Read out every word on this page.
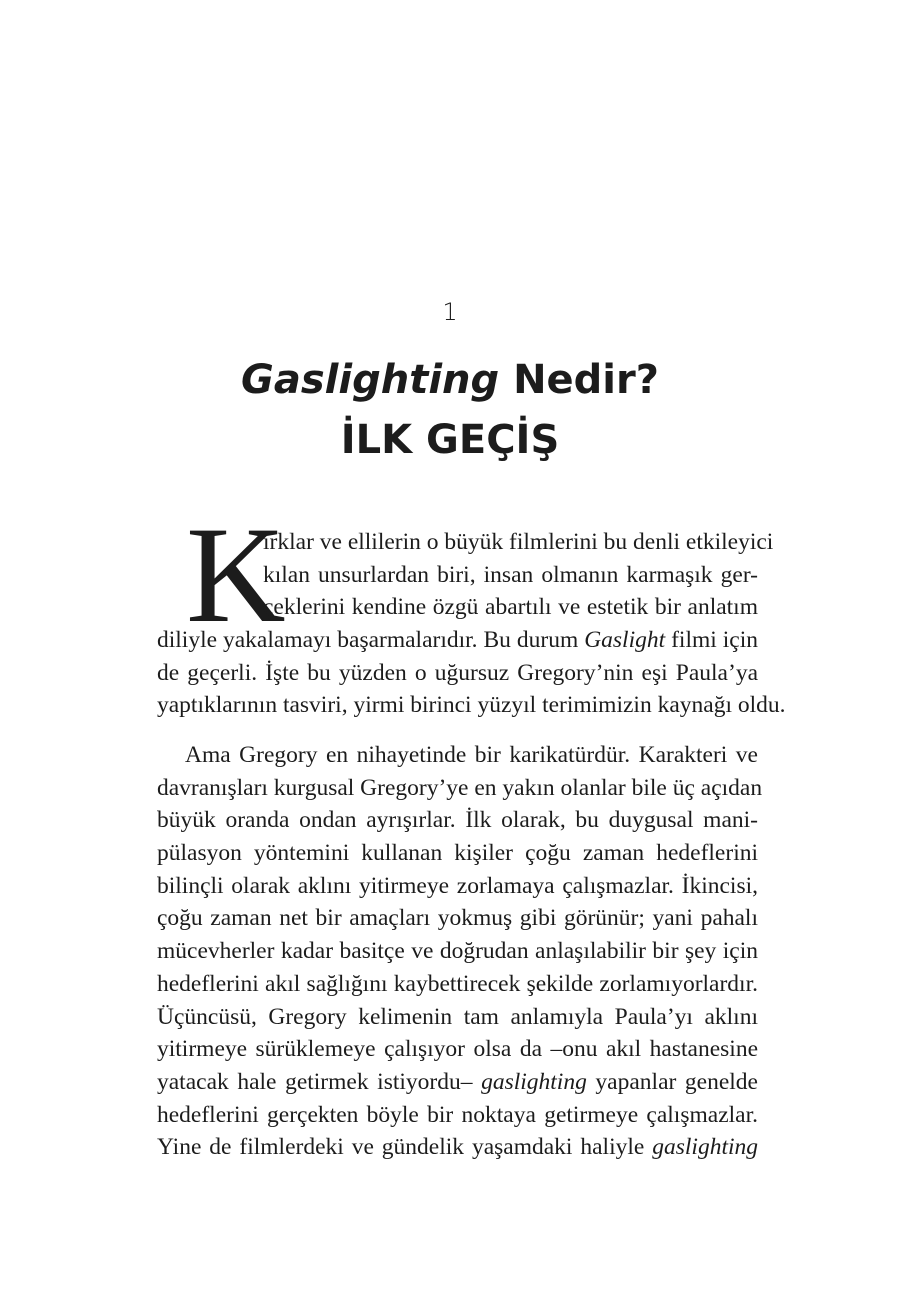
1
Gaslighting Nedir?
İLK GEÇİŞ
K
ırklar ve ellilerin o büyük filmlerini bu denli etkileyici
kılan unsurlardan biri, insan olmanın karmaşık ger-
çeklerini kendine özgü abartılı ve estetik bir anlatım
diliyle yakalamayı başarmalarıdır. Bu durum Gaslight filmi için
de geçerli. İşte bu yüzden o uğursuz Gregory’nin eşi Paula’ya
yaptıklarının tasviri, yirmi birinci yüzyıl terimimizin kaynağı oldu.
Ama Gregory en nihayetinde bir karikatürdür. Karakteri ve
davranışları kurgusal Gregory’ye en yakın olanlar bile üç açıdan
büyük oranda ondan ayrışırlar. İlk olarak, bu duygusal mani-
pülasyon yöntemini kullanan kişiler çoğu zaman hedeflerini
bilinçli olarak aklını yitirmeye zorlamaya çalışmazlar. İkincisi,
çoğu zaman net bir amaçları yokmuş gibi görünür; yani pahalı
mücevherler kadar basitçe ve doğrudan anlaşılabilir bir şey için
hedeflerini akıl sağlığını kaybettirecek şekilde zorlamıyorlardır.
Üçüncüsü, Gregory kelimenin tam anlamıyla Paula’yı aklını
yitirmeye sürüklemeye çalışıyor olsa da –onu akıl hastanesine
yatacak hale getirmek istiyordu– gaslighting yapanlar genelde
hedeflerini gerçekten böyle bir noktaya getirmeye çalışmazlar.
Yine de filmlerdeki ve gündelik yaşamdaki haliyle gaslighting
